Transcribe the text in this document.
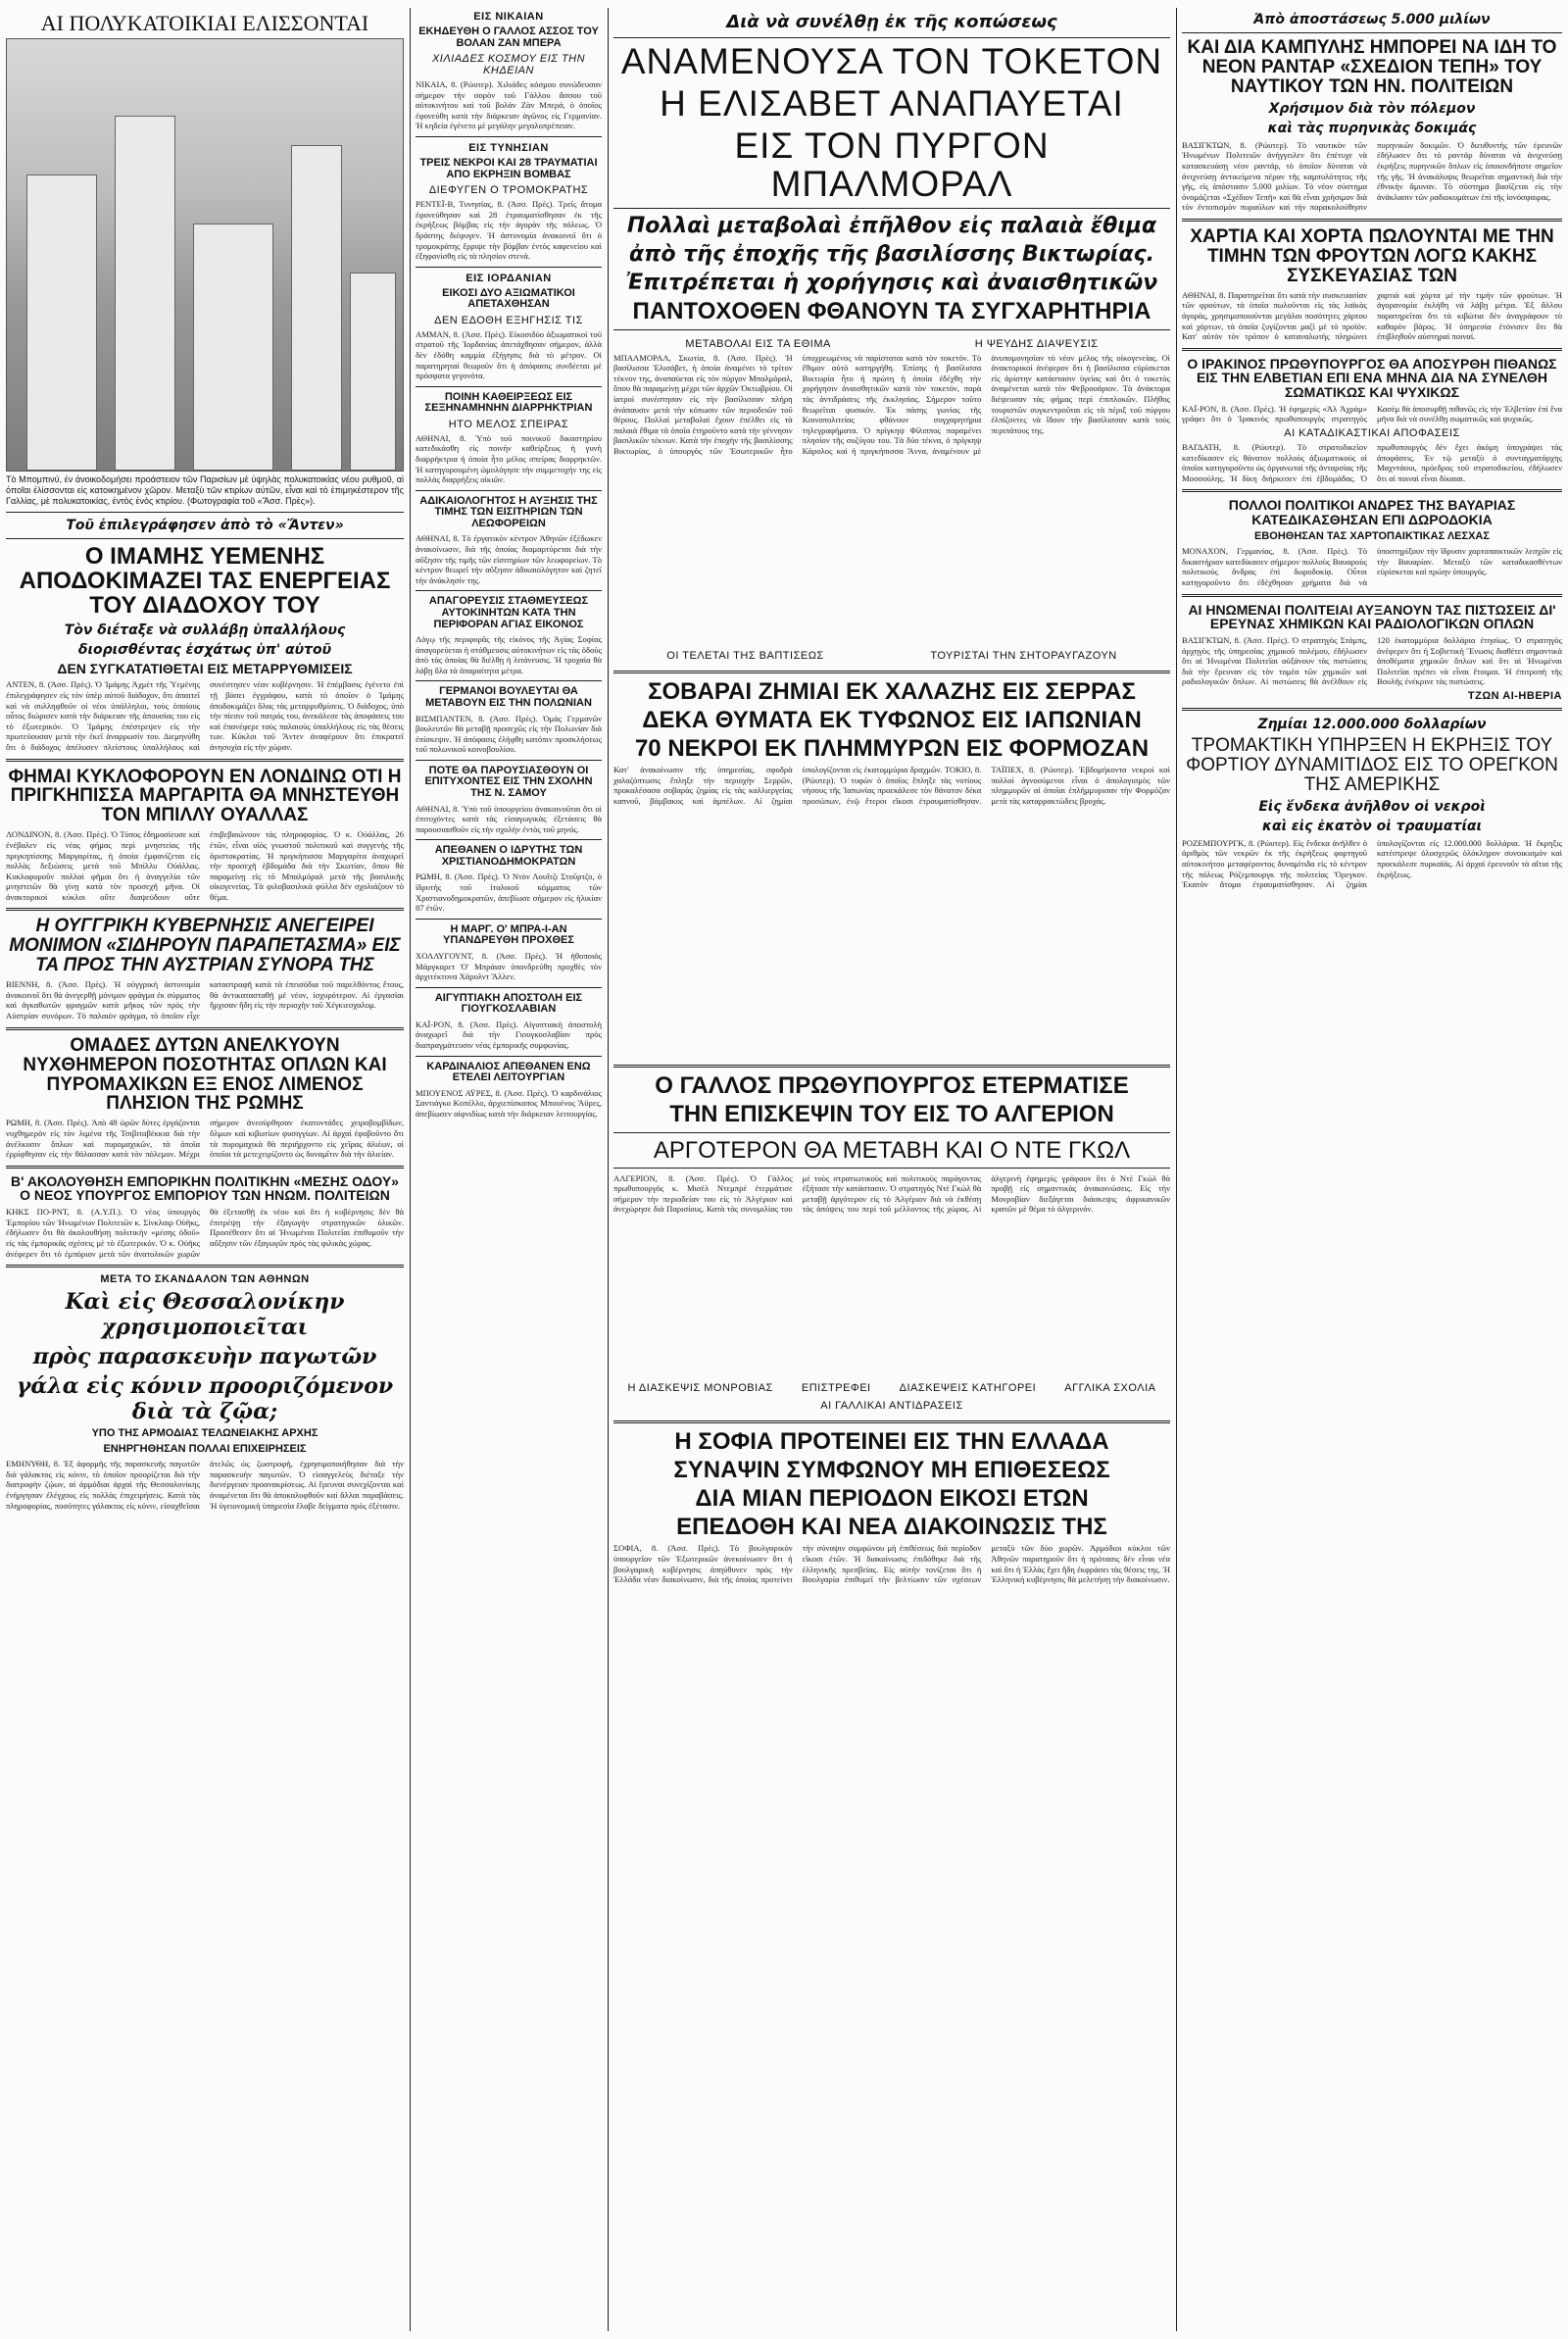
ΑΙ ΠΟΛΥΚΑΤΟΙΚΙΑΙ ΕΛΙΣΣΟΝΤΑΙ

Τὸ Μπομπινύ, ἐν ἀνοικοδομήσει προάστειον τῶν Παρισίων μὲ ὑψηλὰς πολυκατοικίας νέου ρυθμοῦ, αἱ ὁποῖαι ἑλίσσονται εἰς κατοικημένον χῶρον. Μεταξὺ τῶν κτιρίων αὐτῶν, εἶναι καὶ τὸ ἐπιμηκέστερον τῆς Γαλλίας, μὲ πολυκατοικίας, ἐντὸς ἑνὸς κτιρίου. (Φωτογραφία τοῦ «Ἄσσ. Πρὲς»).

Τοῦ ἐπιλεγράφησεν ἀπὸ τὸ «Ἄντεν»
Ο ΙΜΑΜΗΣ ΥΕΜΕΝΗΣ ΑΠΟΔΟΚΙΜΑΖΕΙ ΤΑΣ ΕΝΕΡΓΕΙΑΣ ΤΟΥ ΔΙΑΔΟΧΟΥ ΤΟΥ
Τὸν διέταξε νὰ συλλάβῃ ὑπαλλήλους
διορισθέντας ἐσχάτως ὑπ' αὐτοῦ
ΔΕΝ ΣΥΓΚΑΤΑΤΙΘΕΤΑΙ ΕΙΣ ΜΕΤΑΡΡΥΘΜΙΣΕΙΣ

ΑΝΤΕΝ, 8. (Ἀσσ. Πρὲς). Ὁ Ἰμάμης Ἀχμὲτ τῆς Ὑεμένης ἐπιλεγράφησεν εἰς τὸν ὑπὲρ αὐτοῦ διάδοχον, ὅτι ἀπαιτεῖ καὶ νὰ συλληφθοῦν οἱ νέοι ὑπάλληλοι, τοὺς ὁποίους οὗτος διώρισεν κατὰ τὴν διάρκειαν τῆς ἀπουσίας του εἰς τὸ ἐξωτερικόν. Ὁ Ἰμάμης ἐπέστρεψεν εἰς τὴν πρωτεύουσαν μετὰ τὴν ἐκεῖ ἀναρρωσίν του. Διεμηνύθη ὅτι ὁ διάδοχος ἀπέλυσεν πλείστους ὑπαλλήλους καὶ συνέστησεν νέαν κυβέρνησιν. Ἡ ἐπέμβασις ἐγένετο ἐπὶ τῇ βάσει ἐγγράφου, κατὰ τὸ ὁποῖον ὁ Ἰμάμης ἀποδοκιμάζει ὅλας τὰς μεταρρυθμίσεις. Ὁ διάδοχος, ὑπὸ τὴν πίεσιν τοῦ πατρός του, ἀνεκάλεσε τὰς ἀποφάσεις του καὶ ἐπανέφερε τοὺς παλαιοὺς ὑπαλλήλους εἰς τὰς θέσεις των. Κύκλοι τοῦ Ἄντεν ἀναφέρουν ὅτι ἐπικρατεῖ ἀνησυχία εἰς τὴν χώραν.

ΦΗΜΑΙ ΚΥΚΛΟΦΟΡΟΥΝ ΕΝ ΛΟΝΔΙΝΩ ΟΤΙ Η ΠΡΙΓΚΗΠΙΣΣΑ ΜΑΡΓΑΡΙΤΑ ΘΑ ΜΝΗΣΤΕΥΘΗ ΤΟΝ ΜΠΙΛΛΥ ΟΥΑΛΛΑΣ

ΛΟΝΔΙΝΟΝ, 8. (Ἀσσ. Πρὲς). Ὁ Τύπος ἐδημοσίευσε καὶ ἐνέβαλεν εἰς νέας φήμας περὶ μνηστείας τῆς πριγκηπίσσης Μαργαρίτας, ἡ ὁποία ἐμφανίζεται εἰς πολλὰς δεξιώσεις μετὰ τοῦ Μπίλλυ Οὐάλλας. Κυκλοφοροῦν πολλαὶ φῆμαι ὅτι ἡ ἀναγγελία τῶν μνηστειῶν θὰ γίνῃ κατὰ τὸν προσεχῆ μῆνα. Οἱ ἀνακτορικοὶ κύκλοι οὔτε διαψεύδουν οὔτε ἐπιβεβαιώνουν τὰς πληροφορίας. Ὁ κ. Οὐάλλας, 26 ἐτῶν, εἶναι υἱὸς γνωστοῦ πολιτικοῦ καὶ συγγενὴς τῆς ἀριστοκρατίας. Ἡ πριγκήπισσα Μαργαρίτα ἀναχωρεῖ τὴν προσεχῆ ἑβδομάδα διὰ τὴν Σκωτίαν, ὅπου θὰ παραμείνῃ εἰς τὸ Μπαλμόραλ μετὰ τῆς βασιλικῆς οἰκογενείας. Τὰ φιλοβασιλικὰ φύλλα δὲν σχολιάζουν τὸ θέμα.

Η ΟΥΓΓΡΙΚΗ ΚΥΒΕΡΝΗΣΙΣ ΑΝΕΓΕΙΡΕΙ ΜΟΝΙΜΟΝ «ΣΙΔΗΡΟΥΝ ΠΑΡΑΠΕΤΑΣΜΑ» ΕΙΣ ΤΑ ΠΡΟΣ ΤΗΝ ΑΥΣΤΡΙΑΝ ΣΥΝΟΡΑ ΤΗΣ

ΒΙΕΝΝΗ, 8. (Ἀσσ. Πρὲς). Ἡ οὐγγρικὴ ἀστυνομία ἀνακοινοῖ ὅτι θὰ ἀνεγερθῇ μόνιμον φράγμα ἐκ σύρματος καὶ ἀγκαθωτῶν φραγμῶν κατὰ μῆκος τῶν πρὸς τὴν Αὐστρίαν συνόρων. Τὸ παλαιὸν φράγμα, τὸ ὁποῖον εἶχε καταστραφῆ κατὰ τὰ ἐπεισόδια τοῦ παρελθόντος ἔτους, θὰ ἀντικατασταθῇ μὲ νέον, ἰσχυρότερον. Αἱ ἐργασίαι ἤρχισαν ἤδη εἰς τὴν περιοχὴν τοῦ Χέγκιεσχαλομ.

ΟΜΑΔΕΣ ΔΥΤΩΝ ΑΝΕΛΚΥΟΥΝ ΝΥΧΘΗΜΕΡΟΝ ΠΟΣΟΤΗΤΑΣ ΟΠΛΩΝ ΚΑΙ ΠΥΡΟΜΑΧΙΚΩΝ ΕΞ ΕΝΟΣ ΛΙΜΕΝΟΣ ΠΛΗΣΙΟΝ ΤΗΣ ΡΩΜΗΣ

ΡΩΜΗ, 8. (Ἀσσ. Πρὲς). Ἀπὸ 48 ὡρῶν δύτες ἐργάζονται νυχθημερὸν εἰς τὸν λιμένα τῆς Τσιβιταβέκκια διὰ τὴν ἀνέλκυσιν ὅπλων καὶ πυρομαχικῶν, τὰ ὁποῖα ἐρρίφθησαν εἰς τὴν θάλασσαν κατὰ τὸν πόλεμον. Μέχρι σήμερον ἀνεσύρθησαν ἐκατοντάδες χειροβομβίδων, ὅλμων καὶ κιβωτίων φυσιγγίων. Αἱ ἀρχαὶ ἐφοβοῦντο ὅτι τὰ πυρομαχικὰ θὰ περιήρχοντο εἰς χεῖρας ἀλιέων, οἱ ὁποῖοι τὰ μετεχειρίζοντο ὡς δυναμῖτιν διὰ τὴν ἁλιείαν.

Β' ΑΚΟΛΟΥΘΗΣΗ ΕΜΠΟΡΙΚΗΝ ΠΟΛΙΤΙΚΗΝ «ΜΕΣΗΣ ΟΔΟΥ» Ο ΝΕΟΣ ΥΠΟΥΡΓΟΣ ΕΜΠΟΡΙΟΥ ΤΩΝ ΗΝΩΜ. ΠΟΛΙΤΕΙΩΝ

ΚΗΚΣ ΠΟ-ΡΝΤ, 8. (Α.Υ.Π.). Ὁ νέος ὑπουργὸς Ἐμπορίου τῶν Ἡνωμένων Πολιτειῶν κ. Σίνκλαιρ Οὐῆκς, ἐδήλωσεν ὅτι θὰ ἀκολουθήσῃ πολιτικὴν «μέσης ὁδοῦ» εἰς τὰς ἐμπορικὰς σχέσεις μὲ τὸ ἐξωτερικόν. Ὁ κ. Οὐῆκς ἀνέφερεν ὅτι τὸ ἐμπόριον μετὰ τῶν ἀνατολικῶν χωρῶν θὰ ἐξετασθῇ ἐκ νέου καὶ ὅτι ἡ κυβέρνησις δὲν θὰ ἐπιτρέψῃ τὴν ἐξαγωγὴν στρατηγικῶν ὑλικῶν. Προσέθεσεν ὅτι αἱ Ἡνωμέναι Πολιτεῖαι ἐπιθυμοῦν τὴν αὔξησιν τῶν ἐξαγωγῶν πρὸς τὰς φιλικὰς χώρας.

ΜΕΤΑ ΤΟ ΣΚΑΝΔΑΛΟΝ ΤΩΝ ΑΘΗΝΩΝ
Καὶ εἰς Θεσσαλονίκην χρησιμοποιεῖται
πρὸς παρασκευὴν παγωτῶν
γάλα εἰς κόνιν προοριζόμενον διὰ τὰ ζῷα;
ΥΠΟ ΤΗΣ ΑΡΜΟΔΙΑΣ ΤΕΛΩΝΕΙΑΚΗΣ ΑΡΧΗΣ
ΕΝΗΡΓΗΘΗΣΑΝ ΠΟΛΛΑΙ ΕΠΙΧΕΙΡΗΣΕΙΣ

ΕΜΗΝΥΘΗ, 8. Ἐξ ἀφορμῆς τῆς παρασκευῆς παγωτῶν διὰ γάλακτος εἰς κόνιν, τὸ ὁποῖον προορίζεται διὰ τὴν διατροφὴν ζῴων, αἱ ἁρμόδιαι ἀρχαὶ τῆς Θεσσαλονίκης ἐνήργησαν ἐλέγχους εἰς πολλὰς ἐπιχειρήσεις. Κατὰ τὰς πληροφορίας, ποσότητες γάλακτος εἰς κόνιν, εἰσαχθεῖσαι ἀτελῶς ὡς ζωοτροφή, ἐχρησιμοποιήθησαν διὰ τὴν παρασκευὴν παγωτῶν. Ὁ εἰσαγγελεὺς διέταξε τὴν διενέργειαν προανακρίσεως. Αἱ ἔρευναι συνεχίζονται καὶ ἀναμένεται ὅτι θὰ ἀποκαλυφθοῦν καὶ ἄλλαι παραβάσεις. Ἡ ὑγειονομικὴ ὑπηρεσία ἔλαβε δείγματα πρὸς ἐξέτασιν.

ΕΙΣ ΝΙΚΑΙΑΝ
ΕΚΗΔΕΥΘΗ Ο ΓΑΛΛΟΣ ΑΣΣΟΣ ΤΟΥ ΒΟΛΑΝ ΖΑΝ ΜΠΕΡΑ
ΧΙΛΙΑΔΕΣ ΚΟΣΜΟΥ ΕΙΣ ΤΗΝ ΚΗΔΕΙΑΝ

ΝΙΚΑΙΑ, 8. (Ρώυτερ). Χιλιάδες κόσμου συνώδευσαν σήμερον τὴν σορὸν τοῦ Γάλλου ἄσσου τοῦ αὐτοκινήτου καὶ τοῦ βολὰν Ζὰν Μπερά, ὁ ὁποῖος ἐφονεύθη κατὰ τὴν διάρκειαν ἀγῶνος εἰς Γερμανίαν. Ἡ κηδεία ἐγένετο μὲ μεγάλην μεγαλοπρέπειαν.

ΕΙΣ ΤΥΝΗΣΙΑΝ
ΤΡΕΙΣ ΝΕΚΡΟΙ ΚΑΙ 28 ΤΡΑΥΜΑΤΙΑΙ ΑΠΟ ΕΚΡΗΞΙΝ ΒΟΜΒΑΣ
ΔΙΕΦΥΓΕΝ Ο ΤΡΟΜΟΚΡΑΤΗΣ

ΡΕΝΤΕΪ-Β, Τυνησίας, 8. (Ἀσσ. Πρὲς). Τρεῖς ἄτομα ἐφονεύθησαν καὶ 28 ἐτραυματίσθησαν ἐκ τῆς ἐκρήξεως βόμβας εἰς τὴν ἀγορὰν τῆς πόλεως. Ὁ δράστης διέφυγεν. Ἡ ἀστυνομία ἀνακοινοῖ ὅτι ὁ τρομοκράτης ἔρριψε τὴν βόμβαν ἐντὸς καφενείου καὶ ἐξηφανίσθη εἰς τὰ πλησίον στενά.

ΕΙΣ ΙΟΡΔΑΝΙΑΝ
ΕΙΚΟΣΙ ΔΥΟ ΑΞΙΩΜΑΤΙΚΟΙ ΑΠΕΤΑΧΘΗΣΑΝ
ΔΕΝ ΕΔΟΘΗ ΕΞΗΓΗΣΙΣ ΤΙΣ

ΑΜΜΑΝ, 8. (Ἀσσ. Πρὲς). Εἰκοσιδύο ἀξιωματικοὶ τοῦ στρατοῦ τῆς Ἰορδανίας ἀπετάχθησαν σήμερον, ἀλλὰ δὲν ἐδόθη καμμία ἐξήγησις διὰ τὸ μέτρον. Οἱ παρατηρηταὶ θεωροῦν ὅτι ἡ ἀπόφασις συνδέεται μὲ πρόσφατα γεγονότα.

ΠΟΙΝΗ ΚΑΘΕΙΡΞΕΩΣ ΕΙΣ ΣΕΞΗΝΑΜΗΝΗΝ ΔΙΑΡΡΗΚΤΡΙΑΝ
ΗΤΟ ΜΕΛΟΣ ΣΠΕΙΡΑΣ

ΑΘΗΝΑΙ, 8. Ὑπὸ τοῦ ποινικοῦ δικαστηρίου κατεδικάσθη εἰς ποινὴν καθείρξεως ἡ γυνὴ διαρρήκτρια ἡ ὁποία ἦτο μέλος σπείρας διαρρηκτῶν. Ἡ κατηγορουμένη ὡμολόγησε τὴν συμμετοχήν της εἰς πολλὰς διαρρήξεις οἰκιῶν.

ΑΔΙΚΑΙΟΛΟΓΗΤΟΣ Η ΑΥΞΗΣΙΣ ΤΗΣ ΤΙΜΗΣ ΤΩΝ ΕΙΣΙΤΗΡΙΩΝ ΤΩΝ ΛΕΩΦΟΡΕΙΩΝ

ΑΘΗΝΑΙ, 8. Τὸ ἐργατικὸν κέντρον Ἀθηνῶν ἐξέδωκεν ἀνακοίνωσιν, διὰ τῆς ὁποίας διαμαρτύρεται διὰ τὴν αὔξησιν τῆς τιμῆς τῶν εἰσιτηρίων τῶν λεωφορείων. Τὸ κέντρον θεωρεῖ τὴν αὔξησιν ἀδικαιολόγητον καὶ ζητεῖ τὴν ἀνάκλησίν της.

ΑΠΑΓΟΡΕΥΣΙΣ ΣΤΑΘΜΕΥΣΕΩΣ ΑΥΤΟΚΙΝΗΤΩΝ ΚΑΤΑ ΤΗΝ ΠΕΡΙΦΟΡΑΝ ΑΓΙΑΣ ΕΙΚΟΝΟΣ

Λόγῳ τῆς περιφορᾶς τῆς εἰκόνος τῆς Ἁγίας Σοφίας ἀπαγορεύεται ἡ στάθμευσις αὐτοκινήτων εἰς τὰς ὁδοὺς ἀπὸ τὰς ὁποίας θὰ διέλθῃ ἡ λιτάνευσις. Ἡ τροχαία θὰ λάβῃ ὅλα τὰ ἀπαραίτητα μέτρα.

ΓΕΡΜΑΝΟΙ ΒΟΥΛΕΥΤΑΙ ΘΑ ΜΕΤΑΒΟΥΝ ΕΙΣ ΤΗΝ ΠΟΛΩΝΙΑΝ

ΒΙΣΜΠΑΝΤΕΝ, 8. (Ἀσσ. Πρὲς). Ὁμὰς Γερμανῶν βουλευτῶν θὰ μεταβῇ προσεχῶς εἰς τὴν Πολωνίαν διὰ ἐπίσκεψιν. Ἡ ἀπόφασις ἐλήφθη κατόπιν προσκλήσεως τοῦ πολωνικοῦ κοινοβουλίου.

ΠΟΤΕ ΘΑ ΠΑΡΟΥΣΙΑΣΘΟΥΝ ΟΙ ΕΠΙΤΥΧΟΝΤΕΣ ΕΙΣ ΤΗΝ ΣΧΟΛΗΝ ΤΗΣ Ν. ΣΑΜΟΥ

ΑΘΗΝΑΙ, 8. Ὑπὸ τοῦ ὑπουργείου ἀνακοινοῦται ὅτι οἱ ἐπιτυχόντες κατὰ τὰς εἰσαγωγικὰς ἐξετάσεις θὰ παρουσιασθοῦν εἰς τὴν σχολὴν ἐντὸς τοῦ μηνός.

ΑΠΕΘΑΝΕΝ Ο ΙΔΡΥΤΗΣ ΤΩΝ ΧΡΙΣΤΙΑΝΟΔΗΜΟΚΡΑΤΩΝ

ΡΩΜΗ, 8. (Ἀσσ. Πρὲς). Ὁ Ντὸν Λουΐτζι Στοῦρτζο, ὁ ἱδρυτὴς τοῦ ἰταλικοῦ κόμματος τῶν Χριστιανοδημοκρατῶν, ἀπεβίωσε σήμερον εἰς ἡλικίαν 87 ἐτῶν.

Η ΜΑΡΓ. Ο' ΜΠΡΑ-Ι-ΑΝ ΥΠΑΝΔΡΕΥΘΗ ΠΡΟΧΘΕΣ

ΧΟΛΛΥΓΟΥΝΤ, 8. (Ἀσσ. Πρὲς). Ἡ ἠθοποιὸς Μάργκαρετ Ὀ' Μπράιαν ὑπανδρεύθη προχθὲς τὸν ἀρχιτέκτονα Χάρολντ Ἄλλεν.

ΑΙΓΥΠΤΙΑΚΗ ΑΠΟΣΤΟΛΗ ΕΙΣ ΓΙΟΥΓΚΟΣΛΑΒΙΑΝ

ΚΑΪ-ΡΟΝ, 8. (Ἀσσ. Πρὲς). Αἰγυπτιακὴ ἀποστολὴ ἀναχωρεῖ διὰ τὴν Γιουγκοσλαβίαν πρὸς διαπραγμάτευσιν νέας ἐμπορικῆς συμφωνίας.

ΚΑΡΔΙΝΑΛΙΟΣ ΑΠΕΘΑΝΕΝ ΕΝΩ ΕΤΕΛΕΙ ΛΕΙΤΟΥΡΓΙΑΝ

ΜΠΟΥΕΝΟΣ ΑΫΡΕΣ, 8. (Ἀσσ. Πρὲς). Ὁ καρδινάλιος Σαντιάγκο Κοπέλλο, ἀρχιεπίσκοπος Μπουένος Ἄϋρες, ἀπεβίωσεν αἰφνιδίως κατὰ τὴν διάρκειαν λειτουργίας.

Διὰ νὰ συνέλθῃ ἐκ τῆς κοπώσεως
ΑΝΑΜΕΝΟΥΣΑ ΤΟΝ ΤΟΚΕΤΟΝ
Η ΕΛΙΣΑΒΕΤ ΑΝΑΠΑΥΕΤΑΙ
ΕΙΣ ΤΟΝ ΠΥΡΓΟΝ ΜΠΑΛΜΟΡΑΛ
Πολλαὶ μεταβολαὶ ἐπῆλθον εἰς παλαιὰ ἔθιμα
ἀπὸ τῆς ἐποχῆς τῆς βασιλίσσης Βικτωρίας.
Ἐπιτρέπεται ἡ χορήγησις καὶ ἀναισθητικῶν
ΠΑΝΤΟΧΟΘΕΝ ΦΘΑΝΟΥΝ ΤΑ ΣΥΓΧΑΡΗΤΗΡΙΑ
ΜΕΤΑΒΟΛΑΙ ΕΙΣ ΤΑ ΕΘΙΜΑ	Η ΨΕΥΔΗΣ ΔΙΑΨΕΥΣΙΣ

ΜΠΑΛΜΟΡΑΛ, Σκωτία, 8. (Ἀσσ. Πρὲς). Ἡ βασίλισσα Ἐλισάβετ, ἡ ὁποία ἀναμένει τὸ τρίτον τέκνον της, ἀναπαύεται εἰς τὸν πύργον Μπαλμόραλ, ὅπου θὰ παραμείνῃ μέχρι τῶν ἀρχῶν Ὀκτωβρίου. Οἱ ἰατροὶ συνέστησαν εἰς τὴν βασίλισσαν πλήρη ἀνάπαυσιν μετὰ τὴν κόπωσιν τῶν περιοδειῶν τοῦ θέρους. Πολλαὶ μεταβολαὶ ἔχουν ἐπέλθει εἰς τὰ παλαιὰ ἔθιμα τὰ ὁποῖα ἐτηροῦντο κατὰ τὴν γέννησιν βασιλικῶν τέκνων. Κατὰ τὴν ἐποχὴν τῆς βασιλίσσης Βικτωρίας, ὁ ὑπουργὸς τῶν Ἐσωτερικῶν ἦτο ὑποχρεωμένος νὰ παρίσταται κατὰ τὸν τοκετόν. Τὸ ἔθιμον αὐτὸ κατηργήθη. Ἐπίσης ἡ βασίλισσα Βικτωρία ἦτο ἡ πρώτη ἡ ὁποία ἐδέχθη τὴν χορήγησιν ἀναισθητικῶν κατὰ τὸν τοκετόν, παρὰ τὰς ἀντιδράσεις τῆς ἐκκλησίας. Σήμερον τοῦτο θεωρεῖται φυσικόν. Ἐκ πάσης γωνίας τῆς Κοινοπολιτείας φθάνουν συγχαρητήρια τηλεγραφήματα. Ὁ πρίγκηψ Φίλιππος παραμένει πλησίον τῆς συζύγου του. Τὰ δύο τέκνα, ὁ πρίγκηψ Κάρολος καὶ ἡ πριγκήπισσα Ἄννα, ἀναμένουν μὲ ἀνυπομονησίαν τὸ νέον μέλος τῆς οἰκογενείας. Οἱ ἀνακτορικοὶ ἀνέφερον ὅτι ἡ βασίλισσα εὑρίσκεται εἰς ἀρίστην κατάστασιν ὑγείας καὶ ὅτι ὁ τοκετὸς ἀναμένεται κατὰ τὸν Φεβρουάριον. Τὰ ἀνάκτορα διέψευσαν τὰς φήμας περὶ ἐπιπλοκῶν. Πλῆθος τουριστῶν συγκεντροῦται εἰς τὰ πέριξ τοῦ πύργου ἐλπίζοντες νὰ ἴδουν τὴν βασίλισσαν κατὰ τοὺς περιπάτους της.

ΟΙ ΤΕΛΕΤΑΙ ΤΗΣ ΒΑΠΤΙΣΕΩΣ	ΤΟΥΡΙΣΤΑΙ ΤΗΝ ΣΗΤΟΡΑΥΓΑΖΟΥΝ
ΣΟΒΑΡΑΙ ΖΗΜΙΑΙ ΕΚ ΧΑΛΑΖΗΣ ΕΙΣ ΣΕΡΡΑΣ
ΔΕΚΑ ΘΥΜΑΤΑ ΕΚ ΤΥΦΩΝΟΣ ΕΙΣ ΙΑΠΩΝΙΑΝ
70 ΝΕΚΡΟΙ ΕΚ ΠΛΗΜΜΥΡΩΝ ΕΙΣ ΦΟΡΜΟΖΑΝ

Κατ' ἀνακοίνωσιν τῆς ὑπηρεσίας, σφοδρὰ χαλαζόπτωσις ἔπληξε τὴν περιοχὴν Σερρῶν, προκαλέσασα σοβαρὰς ζημίας εἰς τὰς καλλιεργείας καπνοῦ, βάμβακος καὶ ἀμπέλων. Αἱ ζημίαι ὑπολογίζονται εἰς ἑκατομμύρια δραχμῶν. ΤΟΚΙΟ, 8. (Ρώυτερ). Ὁ τυφὼν ὁ ὁποῖος ἔπληξε τὰς νοτίους νήσους τῆς Ἰαπωνίας προεκάλεσε τὸν θάνατον δέκα προσώπων, ἐνῷ ἕτεροι εἴκοσι ἐτραυματίσθησαν. ΤΑΪΠΕΧ, 8. (Ρώυτερ). Ἑβδομήκοντα νεκροὶ καὶ πολλοὶ ἀγνοούμενοι εἶναι ὁ ἀπολογισμὸς τῶν πλημμυρῶν αἱ ὁποῖαι ἐπλήμμυρισαν τὴν Φορμόζαν μετὰ τὰς καταρρακτώδεις βροχάς.

Ο ΓΑΛΛΟΣ ΠΡΩΘΥΠΟΥΡΓΟΣ ΕΤΕΡΜΑΤΙΣΕ
ΤΗΝ ΕΠΙΣΚΕΨΙΝ ΤΟΥ ΕΙΣ ΤΟ ΑΛΓΕΡΙΟΝ
ΑΡΓΟΤΕΡΟΝ ΘΑ ΜΕΤΑΒΗ ΚΑΙ Ο ΝΤΕ ΓΚΩΛ

ΑΛΓΕΡΙΟΝ, 8. (Ἀσσ. Πρὲς). Ὁ Γάλλος πρωθυπουργὸς κ. Μισὲλ Ντεμπρὲ ἐτερμάτισε σήμερον τὴν περιοδείαν του εἰς τὸ Ἀλγέριον καὶ ἀνεχώρησε διὰ Παρισίους. Κατὰ τὰς συνομιλίας του μὲ τοὺς στρατιωτικοὺς καὶ πολιτικοὺς παράγοντας ἐξήτασε τὴν κατάστασιν. Ὁ στρατηγὸς Ντὲ Γκὼλ θὰ μεταβῇ ἀργότερον εἰς τὸ Ἀλγέριον διὰ νὰ ἐκθέσῃ τὰς ἀπόψεις του περὶ τοῦ μέλλοντος τῆς χώρας. Αἱ ἀλγερινὴ ἐφημερὶς γράφουν ὅτι ὁ Ντὲ Γκὼλ θὰ προβῇ εἰς σημαντικὰς ἀνακοινώσεις. Εἰς τὴν Μονροβίαν διεξάγεται διάσκεψις ἀφρικανικῶν κρατῶν μὲ θέμα τὸ ἀλγερινόν.

Η ΔΙΑΣΚΕΨΙΣ ΜΟΝΡΟΒΙΑΣ	ΕΠΙΣΤΡΕΦΕΙ	ΔΙΑΣΚΕΨΕΙΣ ΚΑΤΗΓΟΡΕΙ	ΑΓΓΛΙΚΑ ΣΧΟΛΙΑ
ΑΙ ΓΑΛΛΙΚΑΙ ΑΝΤΙΔΡΑΣΕΙΣ
Η ΣΟΦΙΑ ΠΡΟΤΕΙΝΕΙ ΕΙΣ ΤΗΝ ΕΛΛΑΔΑ
ΣΥΝΑΨΙΝ ΣΥΜΦΩΝΟΥ ΜΗ ΕΠΙΘΕΣΕΩΣ
ΔΙΑ ΜΙΑΝ ΠΕΡΙΟΔΟΝ ΕΙΚΟΣΙ ΕΤΩΝ
ΕΠΕΔΟΘΗ ΚΑΙ ΝΕΑ ΔΙΑΚΟΙΝΩΣΙΣ ΤΗΣ

ΣΟΦΙΑ, 8. (Ἀσσ. Πρὲς). Τὸ βουλγαρικὸν ὑπουργεῖον τῶν Ἐξωτερικῶν ἀνεκοίνωσεν ὅτι ἡ βουλγαρικὴ κυβέρνησις ἀπηύθυνεν πρὸς τὴν Ἑλλάδα νέαν διακοίνωσιν, διὰ τῆς ὁποίας προτείνει τὴν σύναψιν συμφώνου μὴ ἐπιθέσεως διὰ περίοδον εἴκοσι ἐτῶν. Ἡ διακοίνωσις ἐπιδόθηκε διὰ τῆς ἑλληνικῆς πρεσβείας. Εἰς αὐτὴν τονίζεται ὅτι ἡ Βουλγαρία ἐπιθυμεῖ τὴν βελτίωσιν τῶν σχέσεων μεταξὺ τῶν δύο χωρῶν. Ἀρμόδιοι κύκλοι τῶν Ἀθηνῶν παρατηροῦν ὅτι ἡ πρότασις δὲν εἶναι νέα καὶ ὅτι ἡ Ἑλλὰς ἔχει ἤδη ἐκφράσει τὰς θέσεις της. Ἡ Ἑλληνικὴ κυβέρνησις θὰ μελετήσῃ τὴν διακοίνωσιν.

Ἀπὸ ἀποστάσεως 5.000 μιλίων
ΚΑΙ ΔΙΑ ΚΑΜΠΥΛΗΣ ΗΜΠΟΡΕΙ ΝΑ ΙΔΗ ΤΟ ΝΕΟΝ ΡΑΝΤΑΡ «ΣΧΕΔΙΟΝ ΤΕΠΗ» ΤΟΥ ΝΑΥΤΙΚΟΥ ΤΩΝ ΗΝ. ΠΟΛΙΤΕΙΩΝ
Χρήσιμον διὰ τὸν πόλεμον
καὶ τὰς πυρηνικὰς δοκιμάς

ΒΑΣΙΓΚΤΩΝ, 8. (Ρώυτερ). Τὸ ναυτικὸν τῶν Ἡνωμένων Πολιτειῶν ἀνήγγειλεν ὅτι ἐπέτυχε νὰ κατασκευάσῃ νέον ραντάρ, τὸ ὁποῖον δύναται νὰ ἀνιχνεύσῃ ἀντικείμενα πέραν τῆς καμπυλότητος τῆς γῆς, εἰς ἀπόστασιν 5.000 μιλίων. Τὸ νέον σύστημα ὀνομάζεται «Σχέδιον Τεπῆ» καὶ θὰ εἶναι χρήσιμον διὰ τὸν ἐντοπισμὸν πυραύλων καὶ τὴν παρακολούθησιν πυρηνικῶν δοκιμῶν. Ὁ διευθυντὴς τῶν ἐρευνῶν ἐδήλωσεν ὅτι τὸ ραντάρ δύναται νὰ ἀνιχνεύσῃ ἐκρήξεις πυρηνικῶν ὅπλων εἰς ὁποιονδήποτε σημεῖον τῆς γῆς. Ἡ ἀνακάλυψις θεωρεῖται σημαντικὴ διὰ τὴν ἐθνικὴν ἄμυναν. Τὸ σύστημα βασίζεται εἰς τὴν ἀνάκλασιν τῶν ραδιοκυμάτων ἐπὶ τῆς ἰονόσφαιρας.

ΧΑΡΤΙΑ ΚΑΙ ΧΟΡΤΑ ΠΩΛΟΥΝΤΑΙ ΜΕ ΤΗΝ ΤΙΜΗΝ ΤΩΝ ΦΡΟΥΤΩΝ ΛΟΓΩ ΚΑΚΗΣ ΣΥΣΚΕΥΑΣΙΑΣ ΤΩΝ

ΑΘΗΝΑΙ, 8. Παρατηρεῖται ὅτι κατὰ τὴν συσκευασίαν τῶν φρούτων, τὰ ὁποῖα πωλοῦνται εἰς τὰς λαϊκὰς ἀγορὰς, χρησιμοποιοῦνται μεγάλαι ποσότητες χάρτου καὶ χόρτων, τὰ ὁποῖα ζυγίζονται μαζὶ μὲ τὸ προϊόν. Κατ' αὐτὸν τὸν τρόπον ὁ καταναλωτὴς πληρώνει χαρτιὰ καὶ χόρτα μὲ τὴν τιμὴν τῶν φρούτων. Ἡ ἀγορανομία ἐκλήθη νὰ λάβῃ μέτρα. Ἐξ ἄλλου παρατηρεῖται ὅτι τὰ κιβώτια δὲν ἀναγράφουν τὸ καθαρὸν βάρος. Ἡ ὑπηρεσία ἐτόνισεν ὅτι θὰ ἐπιβληθοῦν αὐστηραὶ ποιναί.

Ο ΙΡΑΚΙΝΟΣ ΠΡΩΘΥΠΟΥΡΓΟΣ ΘΑ ΑΠΟΣΥΡΘΗ ΠΙΘΑΝΩΣ ΕΙΣ ΤΗΝ ΕΛΒΕΤΙΑΝ ΕΠΙ ΕΝΑ ΜΗΝΑ ΔΙΑ ΝΑ ΣΥΝΕΛΘΗ ΣΩΜΑΤΙΚΩΣ ΚΑΙ ΨΥΧΙΚΩΣ

ΚΑΪ-ΡΟΝ, 8. (Ἀσσ. Πρὲς). Ἡ ἐφημερὶς «Ἀλ Ἀχράμ» γράφει ὅτι ὁ Ἰρακινὸς πρωθυπουργὸς στρατηγὸς Κασὲμ θὰ ἀποσυρθῇ πιθανῶς εἰς τὴν Ἐλβετίαν ἐπὶ ἕνα μῆνα διὰ νὰ συνέλθῃ σωματικῶς καὶ ψυχικῶς.

ΑΙ ΚΑΤΑΔΙΚΑΣΤΙΚΑΙ ΑΠΟΦΑΣΕΙΣ

ΒΑΓΔΑΤΗ, 8. (Ρώυτερ). Τὸ στρατοδικεῖον κατεδίκασεν εἰς θάνατον πολλοὺς ἀξιωματικούς οἱ ὁποῖοι κατηγοροῦντο ὡς ὀργανωταὶ τῆς ἀνταρσίας τῆς Μοσσούλης. Ἡ δίκη διήρκεσεν ἐπὶ ἑβδομάδας. Ὁ πρωθυπουργὸς δὲν ἔχει ἀκόμη ὑπογράψει τὰς ἀποφάσεις. Ἐν τῷ μεταξὺ ὁ συνταγματάρχης Μαχντάουι, πρόεδρος τοῦ στρατοδικείου, ἐδήλωσεν ὅτι αἱ ποιναὶ εἶναι δίκαιαι.

ΠΟΛΛΟΙ ΠΟΛΙΤΙΚΟΙ ΑΝΔΡΕΣ ΤΗΣ ΒΑΥΑΡΙΑΣ ΚΑΤΕΔΙΚΑΣΘΗΣΑΝ ΕΠΙ ΔΩΡΟΔΟΚΙΑ
ΕΒΟΗΘΗΣΑΝ ΤΑΣ ΧΑΡΤΟΠΑΙΚΤΙΚΑΣ ΛΕΣΧΑΣ

ΜΟΝΑΧΟΝ, Γερμανίας, 8. (Ἀσσ. Πρὲς). Τὸ δικαστήριον κατεδίκασεν σήμερον πολλοὺς Βαυαροὺς πολιτικοὺς ἄνδρας ἐπὶ δωροδοκίᾳ. Οὗτοι κατηγοροῦντο ὅτι ἐδέχθησαν χρήματα διὰ νὰ ὑποστηρίξουν τὴν ἵδρυσιν χαρτοπαικτικῶν λεσχῶν εἰς τὴν Βαυαρίαν. Μεταξὺ τῶν καταδικασθέντων εὑρίσκεται καὶ πρώην ὑπουργός.

ΑΙ ΗΝΩΜΕΝΑΙ ΠΟΛΙΤΕΙΑΙ ΑΥΞΑΝΟΥΝ ΤΑΣ ΠΙΣΤΩΣΕΙΣ ΔΙ' ΕΡΕΥΝΑΣ ΧΗΜΙΚΩΝ ΚΑΙ ΡΑΔΙΟΛΟΓΙΚΩΝ ΟΠΛΩΝ

ΒΑΣΙΓΚΤΩΝ, 8. (Ἀσσ. Πρὲς). Ὁ στρατηγὸς Στάμπς, ἀρχηγὸς τῆς ὑπηρεσίας χημικοῦ πολέμου, ἐδήλωσεν ὅτι αἱ Ἡνωμέναι Πολιτεῖαι αὐξάνουν τὰς πιστώσεις διὰ τὴν ἔρευναν εἰς τὸν τομέα τῶν χημικῶν καὶ ραδιολογικῶν ὅπλων. Αἱ πιστώσεις θὰ ἀνέλθουν εἰς 120 ἑκατομμύρια δολλάρια ἐτησίως. Ὁ στρατηγὸς ἀνέφερεν ὅτι ἡ Σοβιετικὴ Ἕνωσις διαθέτει σημαντικὰ ἀποθέματα χημικῶν ὅπλων καὶ ὅτι αἱ Ἡνωμέναι Πολιτεῖαι πρέπει νὰ εἶναι ἕτοιμαι. Ἡ ἐπιτροπὴ τῆς Βουλῆς ἐνέκρινε τὰς πιστώσεις.

ΤΖΩΝ ΑΙ-ΗΒΕΡΙΑ
Ζημίαι 12.000.000 δολλαρίων
ΤΡΟΜΑΚΤΙΚΗ ΥΠΗΡΞΕΝ Η ΕΚΡΗΞΙΣ ΤΟΥ ΦΟΡΤΙΟΥ ΔΥΝΑΜΙΤΙΔΟΣ ΕΙΣ ΤΟ ΟΡΕΓΚΟΝ ΤΗΣ ΑΜΕΡΙΚΗΣ
Εἰς ἕνδεκα ἀνῆλθον οἱ νεκροὶ
καὶ εἰς ἑκατὸν οἱ τραυματίαι

ΡΟΖΕΜΠΟΥΡΓΚ, 8. (Ρώυτερ). Εἰς ἕνδεκα ἀνῆλθεν ὁ ἀριθμὸς τῶν νεκρῶν ἐκ τῆς ἐκρήξεως φορτηγοῦ αὐτοκινήτου μεταφέροντος δυναμίτιδα εἰς τὸ κέντρον τῆς πόλεως Ρόζεμπουργκ τῆς πολιτείας Ὄρεγκον. Ἑκατὸν ἄτομα ἐτραυματίσθησαν. Αἱ ζημίαι ὑπολογίζονται εἰς 12.000.000 δολλάρια. Ἡ ἔκρηξις κατέστρεψε ὁλοσχερῶς ὁλόκληρον συνοικισμὸν καὶ προεκάλεσε πυρκαϊάς. Αἱ ἀρχαὶ ἐρευνοῦν τὰ αἴτια τῆς ἐκρήξεως.
